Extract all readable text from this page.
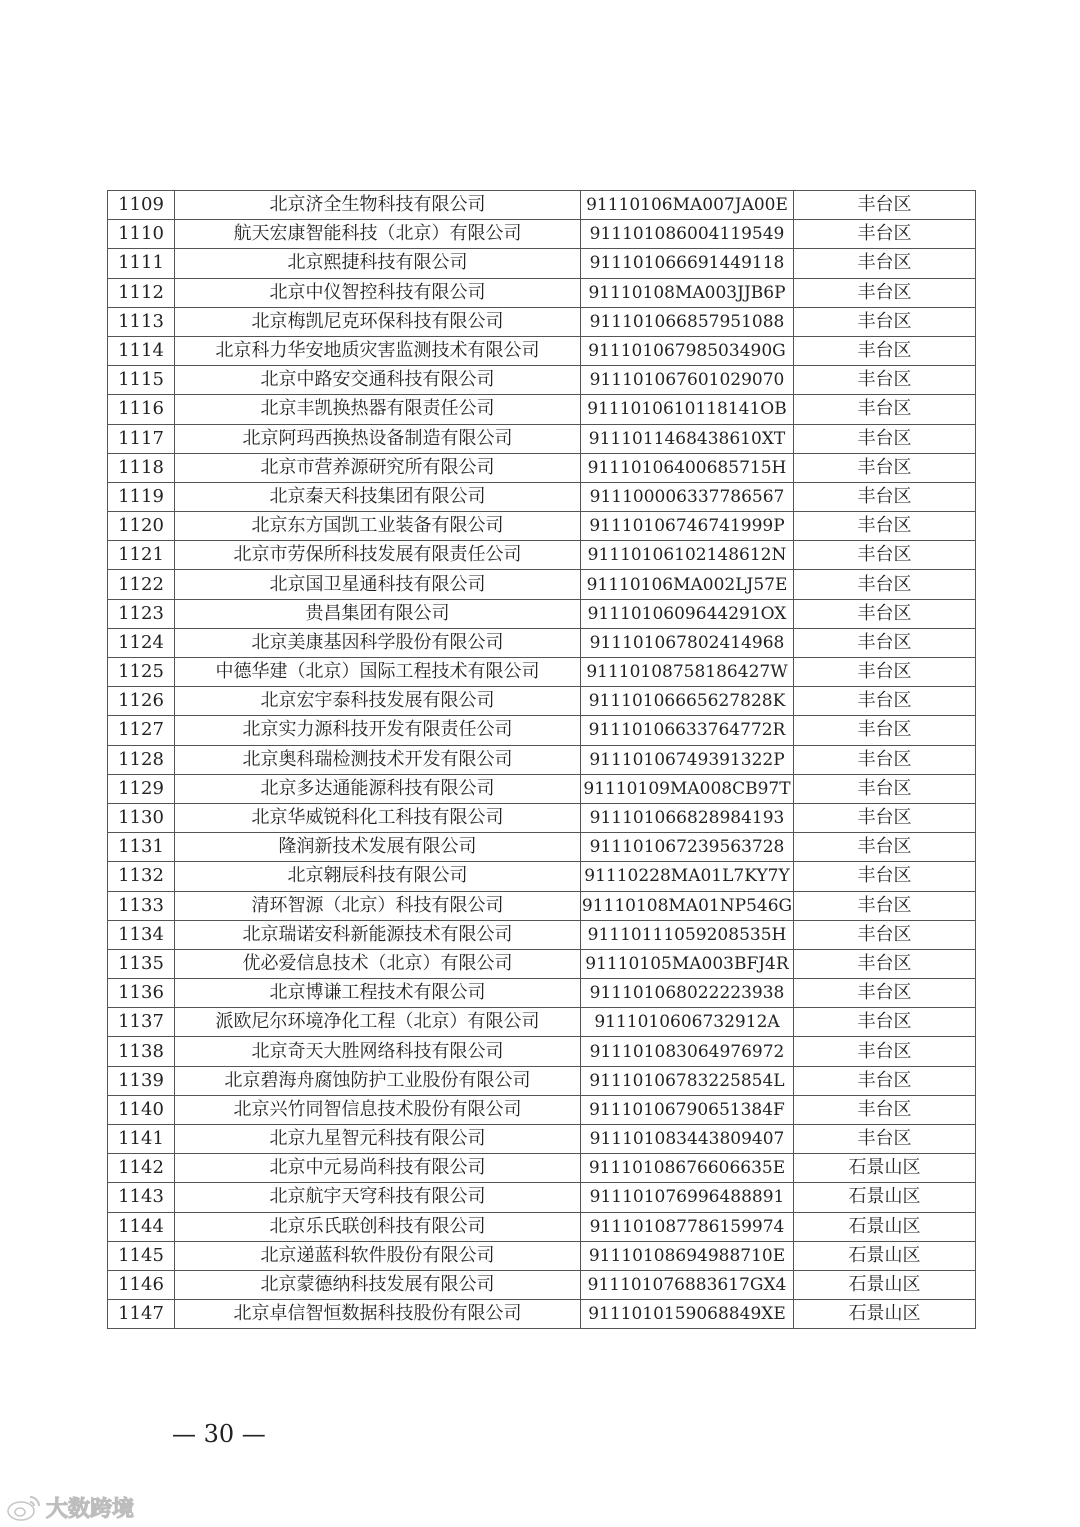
1109	北京济全生物科技有限公司	91110106MA007JA00E	丰台区
1110	航天宏康智能科技（北京）有限公司	911101086004119549	丰台区
1111	北京熙捷科技有限公司	911101066691449118	丰台区
1112	北京中仪智控科技有限公司	91110108MA003JJB6P	丰台区
1113	北京梅凯尼克环保科技有限公司	911101066857951088	丰台区
1114	北京科力华安地质灾害监测技术有限公司	91110106798503490G	丰台区
1115	北京中路安交通科技有限公司	911101067601029070	丰台区
1116	北京丰凯换热器有限责任公司	9111010610118141OB	丰台区
1117	北京阿玛西换热设备制造有限公司	9111011468438610XT	丰台区
1118	北京市营养源研究所有限公司	91110106400685715H	丰台区
1119	北京秦天科技集团有限公司	911100006337786567	丰台区
1120	北京东方国凯工业装备有限公司	91110106746741999P	丰台区
1121	北京市劳保所科技发展有限责任公司	91110106102148612N	丰台区
1122	北京国卫星通科技有限公司	91110106MA002LJ57E	丰台区
1123	贵昌集团有限公司	9111010609644291OX	丰台区
1124	北京美康基因科学股份有限公司	911101067802414968	丰台区
1125	中德华建（北京）国际工程技术有限公司	91110108758186427W	丰台区
1126	北京宏宇泰科技发展有限公司	91110106665627828K	丰台区
1127	北京实力源科技开发有限责任公司	91110106633764772R	丰台区
1128	北京奥科瑞检测技术开发有限公司	91110106749391322P	丰台区
1129	北京多达通能源科技有限公司	91110109MA008CB97T	丰台区
1130	北京华威锐科化工科技有限公司	911101066828984193	丰台区
1131	隆润新技术发展有限公司	911101067239563728	丰台区
1132	北京翱辰科技有限公司	91110228MA01L7KY7Y	丰台区
1133	清环智源（北京）科技有限公司	91110108MA01NP546G	丰台区
1134	北京瑞诺安科新能源技术有限公司	91110111059208535H	丰台区
1135	优必爱信息技术（北京）有限公司	91110105MA003BFJ4R	丰台区
1136	北京博谦工程技术有限公司	911101068022223938	丰台区
1137	派欧尼尔环境净化工程（北京）有限公司	9111010606732912A	丰台区
1138	北京奇天大胜网络科技有限公司	911101083064976972	丰台区
1139	北京碧海舟腐蚀防护工业股份有限公司	91110106783225854L	丰台区
1140	北京兴竹同智信息技术股份有限公司	91110106790651384F	丰台区
1141	北京九星智元科技有限公司	911101083443809407	丰台区
1142	北京中元易尚科技有限公司	91110108676606635E	石景山区
1143	北京航宇天穹科技有限公司	911101076996488891	石景山区
1144	北京乐氏联创科技有限公司	911101087786159974	石景山区
1145	北京递蓝科软件股份有限公司	91110108694988710E	石景山区
1146	北京蒙德纳科技发展有限公司	911101076883617GX4	石景山区
1147	北京卓信智恒数据科技股份有限公司	9111010159068849XE	石景山区
— 30 —
大数跨境
